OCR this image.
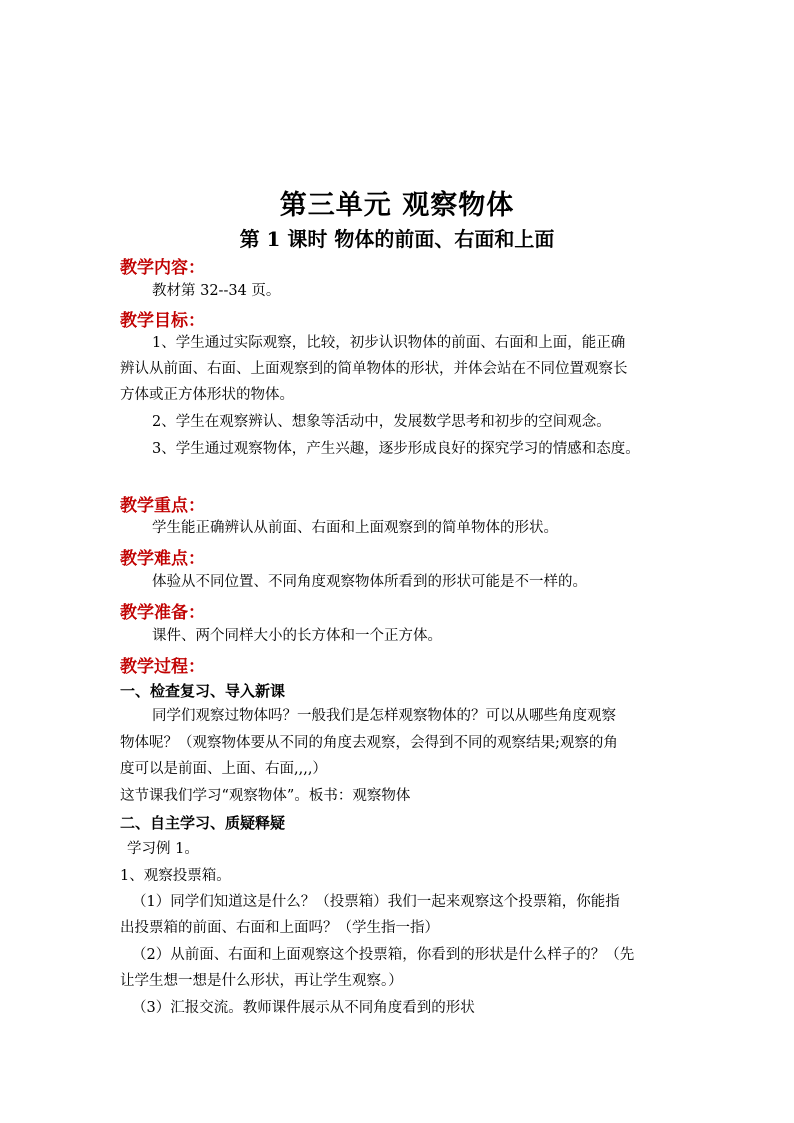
第三单元 观察物体
第 1 课时 物体的前面、右面和上面
教学内容：
教材第 32--34 页。
教学目标：
1、学生通过实际观察，比较，初步认识物体的前面、右面和上面，能正确
辨认从前面、右面、上面观察到的简单物体的形状，并体会站在不同位置观察长
方体或正方体形状的物体。
2、学生在观察辨认、想象等活动中，发展数学思考和初步的空间观念。
3、学生通过观察物体，产生兴趣，逐步形成良好的探究学习的情感和态度。
教学重点：
学生能正确辨认从前面、右面和上面观察到的简单物体的形状。
教学难点：
体验从不同位置、不同角度观察物体所看到的形状可能是不一样的。
教学准备：
课件、两个同样大小的长方体和一个正方体。
教学过程：
一、检查复习、导入新课
同学们观察过物体吗？一般我们是怎样观察物体的？可以从哪些角度观察
物体呢？（观察物体要从不同的角度去观察，会得到不同的观察结果;观察的角
度可以是前面、上面、右面,,,,）
这节课我们学习“观察物体”。板书：观察物体
二、自主学习、质疑释疑
学习例 1。
1、观察投票箱。
（1）同学们知道这是什么？（投票箱）我们一起来观察这个投票箱，你能指
出投票箱的前面、右面和上面吗？（学生指一指）
（2）从前面、右面和上面观察这个投票箱，你看到的形状是什么样子的？（先
让学生想一想是什么形状，再让学生观察。）
（3）汇报交流。教师课件展示从不同角度看到的形状
